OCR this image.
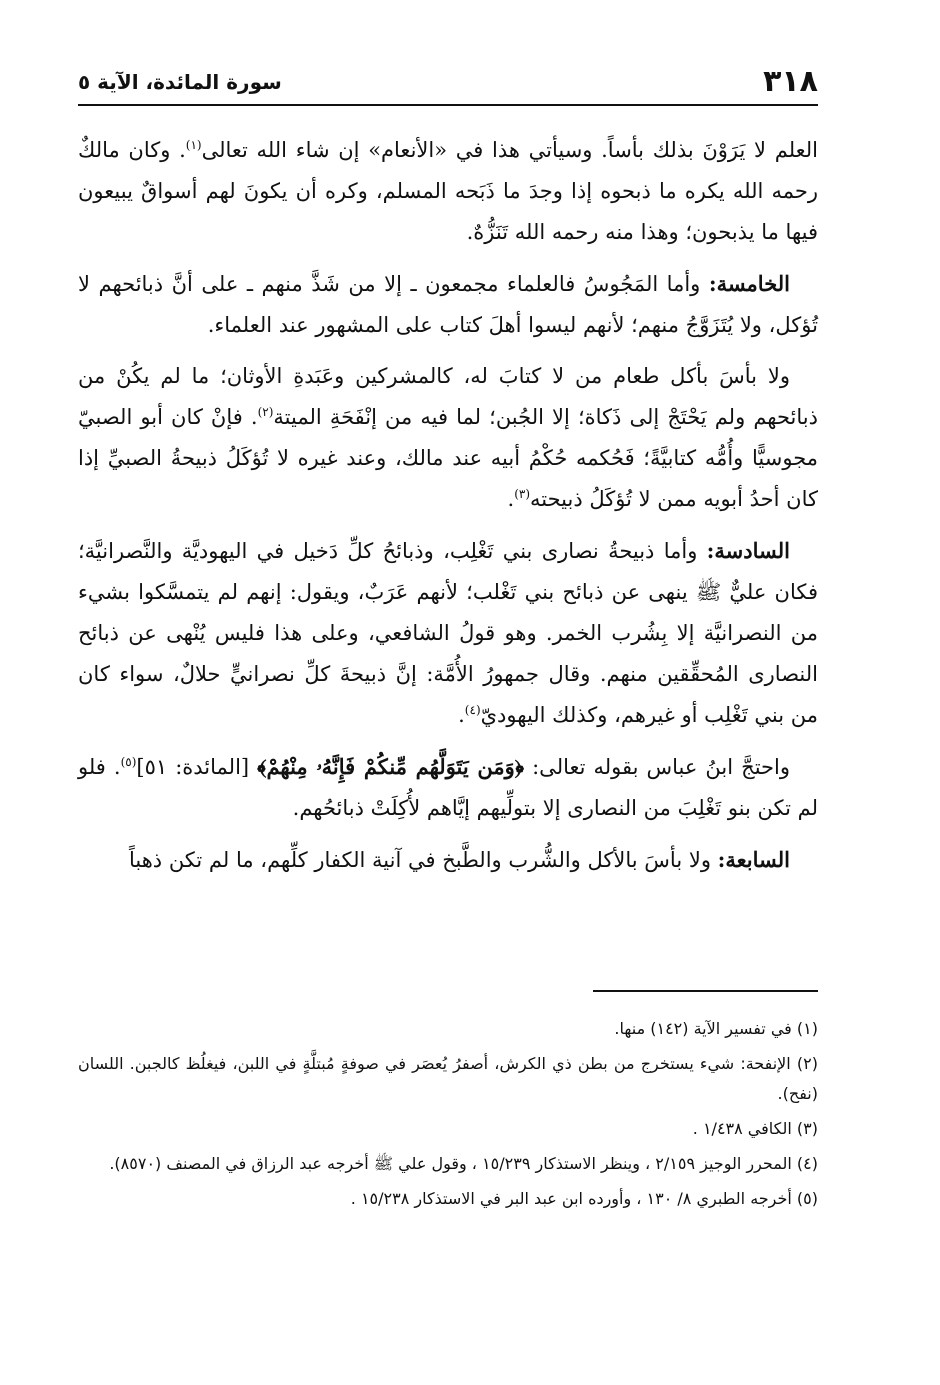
٣١٨
سورة المائدة، الآية ٥

العلم لا يَرَوْنَ بذلك بأساً. وسيأتي هذا في «الأنعام» إن شاء الله تعالى$^{(١)}$. وكان مالكٌ رحمه الله يكره ما ذبحوه إذا وجدَ ما ذَبَحه المسلم، وكره أن يكونَ لهم أسواقٌ يبيعون فيها ما يذبحون؛ وهذا منه رحمه الله تَنَزُّهٌ.

الخامسة: وأما المَجُوسُ فالعلماء مجمعون ـ إلا من شَذَّ منهم ـ على أنَّ ذبائحهم لا تُؤكل، ولا يُتَزَوَّجُ منهم؛ لأنهم ليسوا أهلَ كتاب على المشهور عند العلماء.

ولا بأسَ بأكل طعام من لا كتابَ له، كالمشركين وعَبَدةِ الأوثان؛ ما لم يكُنْ من ذبائحهم ولم يَحْتَجْ إلى ذَكاة؛ إلا الجُبن؛ لما فيه من إنْفَحَةِ الميتة$^{(٢)}$. فإنْ كان أبو الصبيّ مجوسيًّا وأُمُّه كتابيَّةً؛ فَحُكمه حُكْمُ أبيه عند مالك، وعند غيره لا تُؤكَلُ ذبيحةُ الصبيِّ إذا كان أحدُ أبويه ممن لا تُؤكَلُ ذبيحته$^{(٣)}$.

السادسة: وأما ذبيحةُ نصارى بني تَغْلِب، وذبائحُ كلِّ دَخيل في اليهوديَّة والنَّصرانيَّة؛ فكان عليٌّ ﷺ ينهى عن ذبائح بني تَغْلب؛ لأنهم عَرَبٌ، ويقول: إنهم لم يتمسَّكوا بشيء من النصرانيَّة إلا بِشُرب الخمر. وهو قولُ الشافعي، وعلى هذا فليس يُنْهى عن ذبائح النصارى المُحقِّقين منهم. وقال جمهورُ الأُمَّة: إنَّ ذبيحةَ كلِّ نصرانيٍّ حلالٌ، سواء كان من بني تَغْلِب أو غيرهم، وكذلك اليهوديّ$^{(٤)}$.

واحتجَّ ابنُ عباس بقوله تعالى: ﴿وَمَن يَتَوَلَّهُم مِّنكُمْ فَإِنَّهُۥ مِنْهُمْ﴾ [المائدة: ٥١]$^{(٥)}$. فلو لم تكن بنو تَغْلِبَ من النصارى إلا بتولِّيهم إيَّاهم لأُكِلَتْ ذبائحُهم.

السابعة: ولا بأسَ بالأكل والشُّرب والطَّبخ في آنية الكفار كلِّهم، ما لم تكن ذهباً

(١) في تفسير الآية (١٤٢) منها.

(٢) الإنفحة: شيء يستخرج من بطن ذي الكرش، أصفرُ يُعصَر في صوفةٍ مُبتلَّةٍ في اللبن، فيغلُظ كالجبن. اللسان (نفح).

(٣) الكافي ١/٤٣٨ .

(٤) المحرر الوجيز ٢/١٥٩ ، وينظر الاستذكار ١٥/٢٣٩ ، وقول علي ﷺ أخرجه عبد الرزاق في المصنف (٨٥٧٠).

(٥) أخرجه الطبري ٨/ ١٣٠ ، وأورده ابن عبد البر في الاستذكار ١٥/٢٣٨ .
